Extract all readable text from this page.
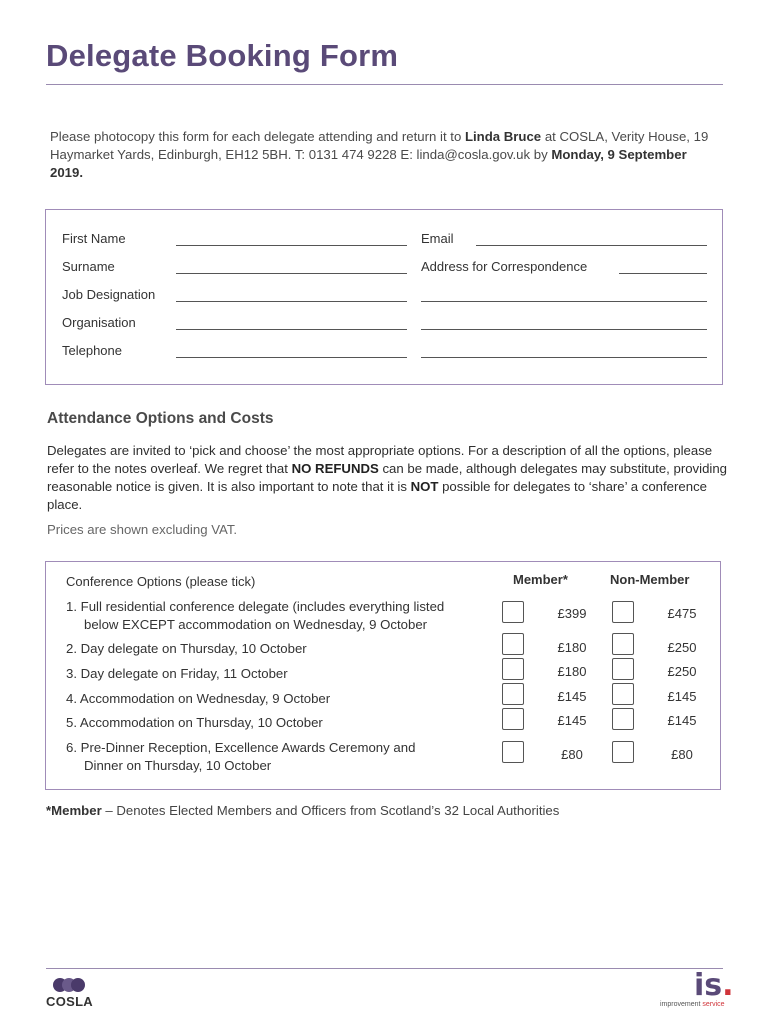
Delegate Booking Form
Please photocopy this form for each delegate attending and return it to Linda Bruce at COSLA, Verity House, 19 Haymarket Yards, Edinburgh, EH12 5BH. T: 0131 474 9228 E: linda@cosla.gov.uk by Monday, 9 September 2019.
First Name
Surname
Job Designation
Organisation
Telephone
Email
Address for Correspondence
Attendance Options and Costs
Delegates are invited to ‘pick and choose’ the most appropriate options. For a description of all the options, please refer to the notes overleaf. We regret that NO REFUNDS can be made, although delegates may substitute, providing reasonable notice is given. It is also important to note that it is NOT possible for delegates to ‘share’ a conference place.
Prices are shown excluding VAT.
Conference Options (please tick)	Member*	Non-Member
1. Full residential conference delegate (includes everything listed
below EXCEPT accommodation on Wednesday, 9 October
£399	£475
2. Day delegate on Thursday, 10 October	£180	£250
3. Day delegate on Friday, 11 October	£180	£250
4. Accommodation on Wednesday, 9 October	£145	£145
5. Accommodation on Thursday, 10 October	£145	£145
6. Pre-Dinner Reception, Excellence Awards Ceremony and
Dinner on Thursday, 10 October
£80	£80
*Member – Denotes Elected Members and Officers from Scotland’s 32 Local Authorities
COSLA	is.
improvement service
